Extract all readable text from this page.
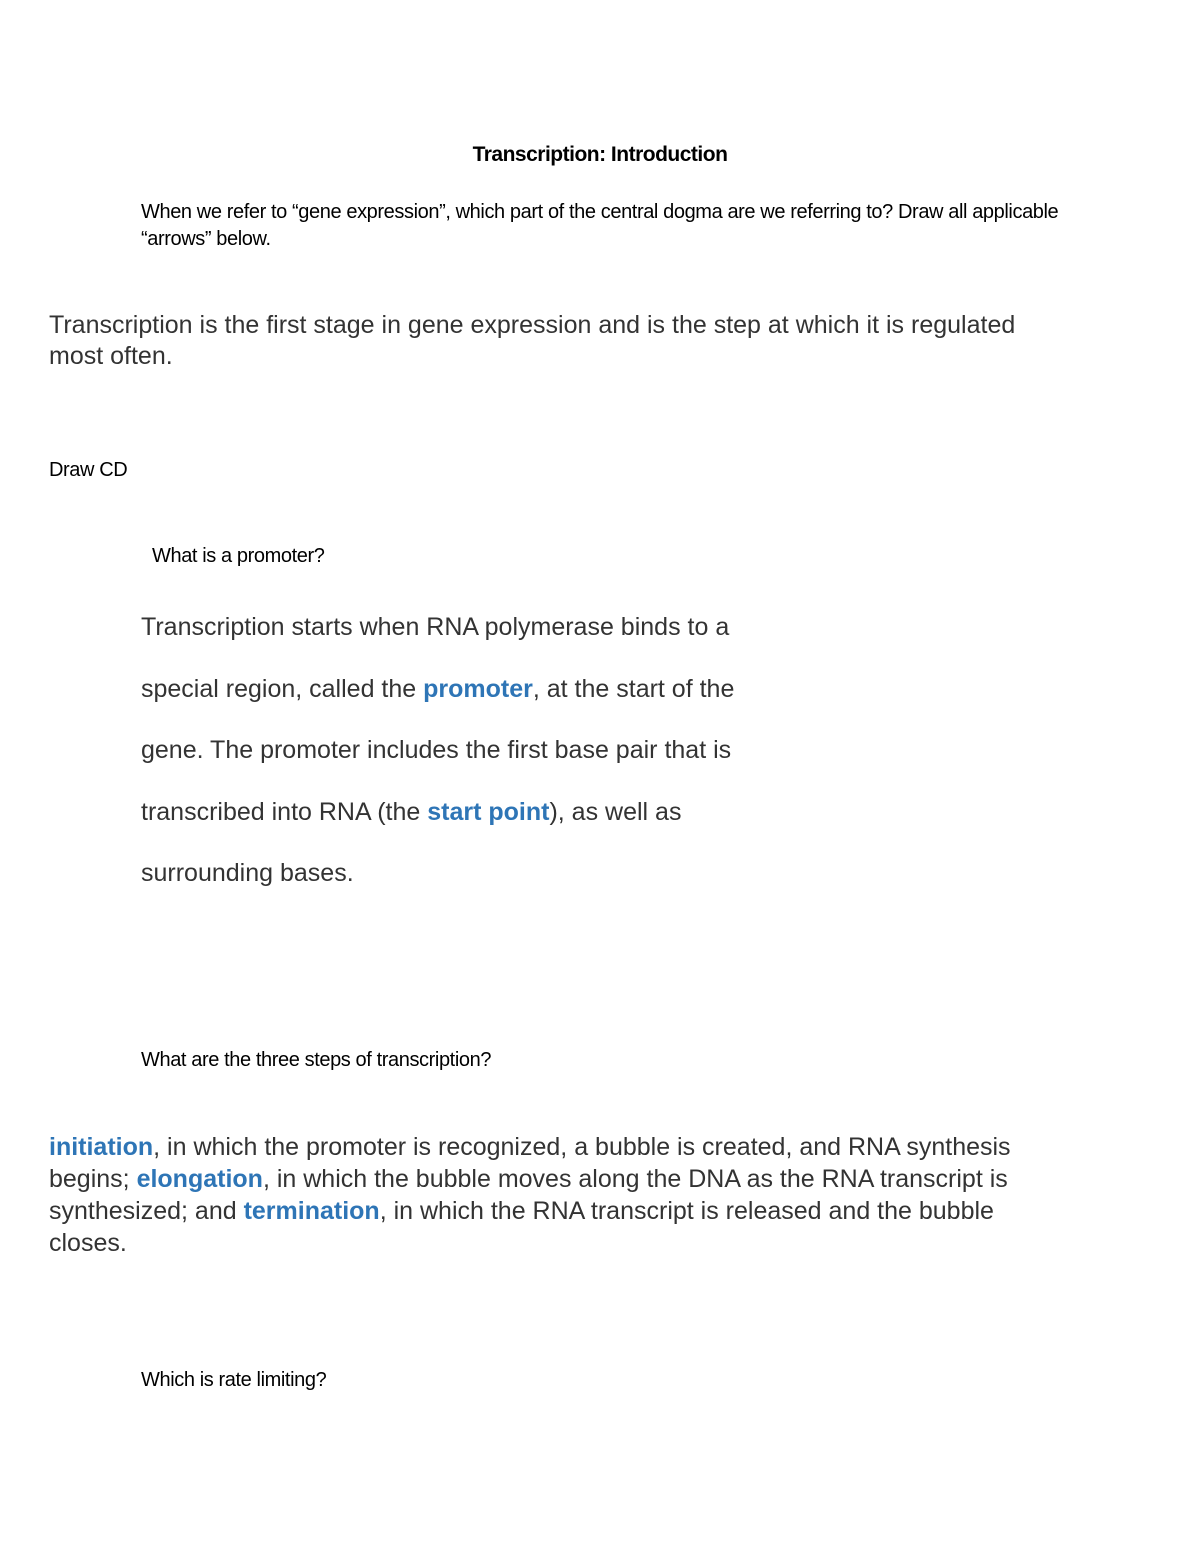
Transcription: Introduction

When we refer to “gene expression”, which part of the central dogma are we referring to? Draw all applicable “arrows” below.

Transcription is the first stage in gene expression and is the step at which it is regulated most often.

Draw CD

What is a promoter?

Transcription starts when RNA polymerase binds to a special region, called the promoter, at the start of the gene. The promoter includes the first base pair that is transcribed into RNA (the start point), as well as surrounding bases.

What are the three steps of transcription?

initiation, in which the promoter is recognized, a bubble is created, and RNA synthesis begins; elongation, in which the bubble moves along the DNA as the RNA transcript is synthesized; and termination, in which the RNA transcript is released and the bubble closes.

Which is rate limiting?
